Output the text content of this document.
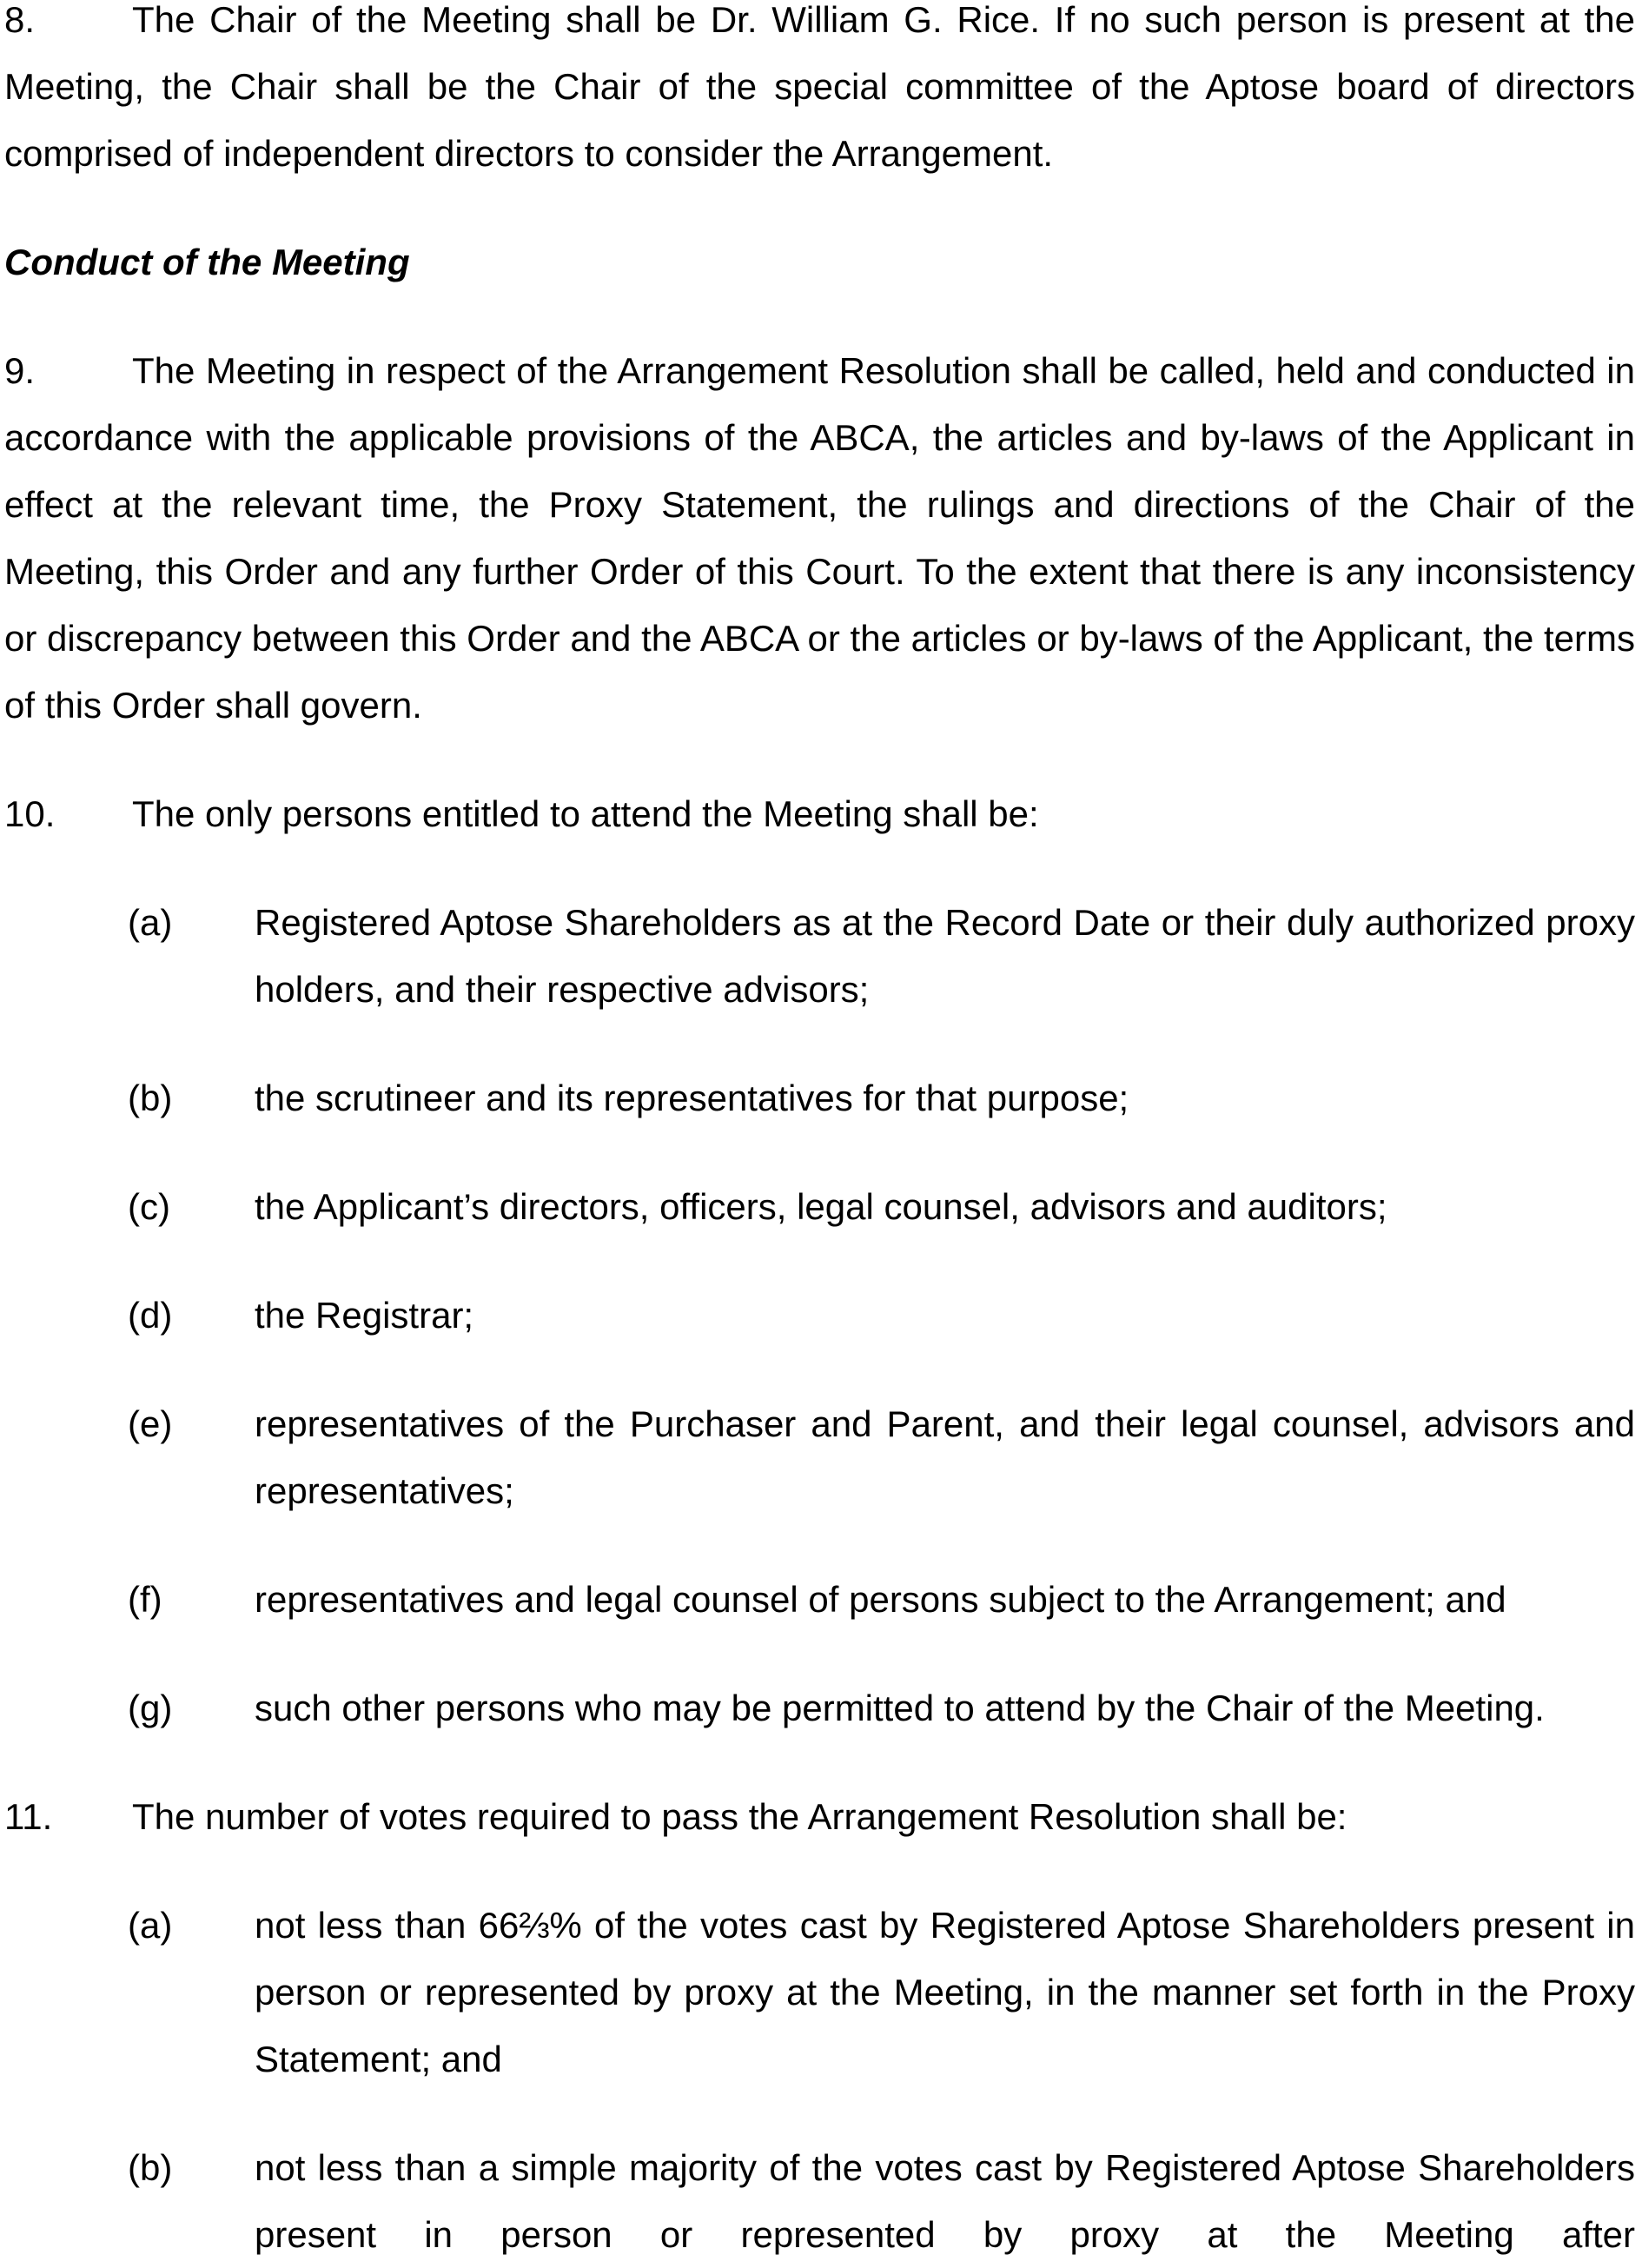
8.	The Chair of the Meeting shall be Dr. William G. Rice. If no such person is present at the Meeting, the Chair shall be the Chair of the special committee of the Aptose board of directors comprised of independent directors to consider the Arrangement.

Conduct of the Meeting

9.	The Meeting in respect of the Arrangement Resolution shall be called, held and conducted in accordance with the applicable provisions of the ABCA, the articles and by-laws of the Applicant in effect at the relevant time, the Proxy Statement, the rulings and directions of the Chair of the Meeting, this Order and any further Order of this Court. To the extent that there is any inconsistency or discrepancy between this Order and the ABCA or the articles or by-laws of the Applicant, the terms of this Order shall govern.

10. The only persons entitled to attend the Meeting shall be:

(a) Registered Aptose Shareholders as at the Record Date or their duly authorized proxy holders, and their respective advisors;
(b) the scrutineer and its representatives for that purpose;
(c) the Applicant’s directors, officers, legal counsel, advisors and auditors;
(d) the Registrar;
(e) representatives of the Purchaser and Parent, and their legal counsel, advisors and representatives;
(f)	representatives and legal counsel of persons subject to the Arrangement; and
(g) such other persons who may be permitted to attend by the Chair of the Meeting.

11. The number of votes required to pass the Arrangement Resolution shall be:

(a) not less than 66⅔% of the votes cast by Registered Aptose Shareholders present in person or represented by proxy at the Meeting, in the manner set forth in the Proxy Statement; and
(b) not less than a simple majority of the votes cast by Registered Aptose Shareholders present in person or represented by proxy at the Meeting after
